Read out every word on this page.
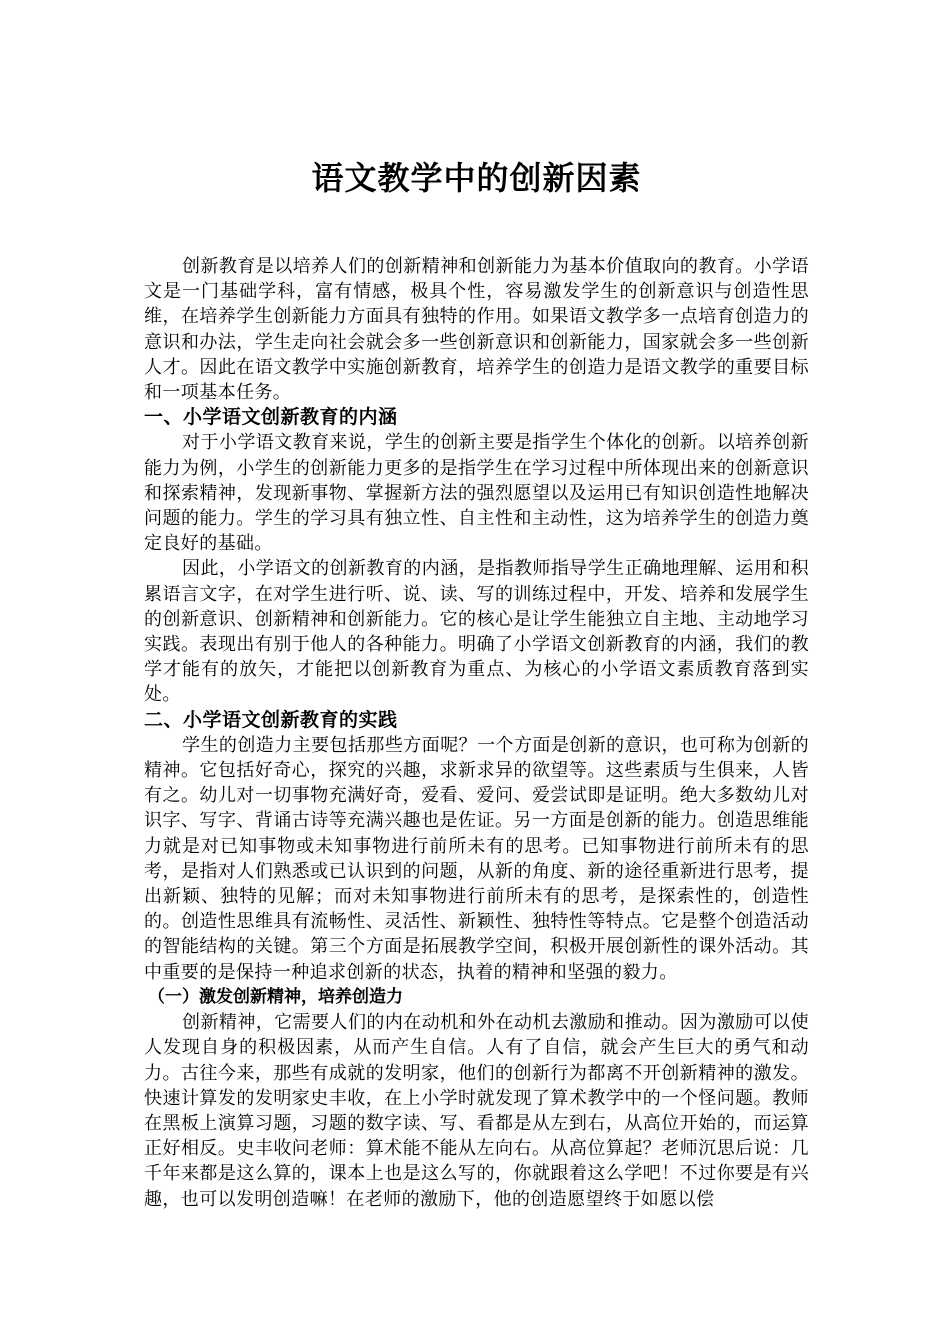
语文教学中的创新因素

创新教育是以培养人们的创新精神和创新能力为基本价值取向的教育。小学语文是一门基础学科，富有情感，极具个性，容易激发学生的创新意识与创造性思维，在培养学生创新能力方面具有独特的作用。如果语文教学多一点培育创造力的意识和办法，学生走向社会就会多一些创新意识和创新能力，国家就会多一些创新人才。因此在语文教学中实施创新教育，培养学生的创造力是语文教学的重要目标和一项基本任务。

一、小学语文创新教育的内涵

对于小学语文教育来说，学生的创新主要是指学生个体化的创新。以培养创新能力为例，小学生的创新能力更多的是指学生在学习过程中所体现出来的创新意识和探索精神，发现新事物、掌握新方法的强烈愿望以及运用已有知识创造性地解决问题的能力。学生的学习具有独立性、自主性和主动性，这为培养学生的创造力奠定良好的基础。

因此，小学语文的创新教育的内涵，是指教师指导学生正确地理解、运用和积累语言文字，在对学生进行听、说、读、写的训练过程中，开发、培养和发展学生的创新意识、创新精神和创新能力。它的核心是让学生能独立自主地、主动地学习实践。表现出有别于他人的各种能力。明确了小学语文创新教育的内涵，我们的教学才能有的放矢，才能把以创新教育为重点、为核心的小学语文素质教育落到实处。

二、小学语文创新教育的实践

学生的创造力主要包括那些方面呢？一个方面是创新的意识，也可称为创新的精神。它包括好奇心，探究的兴趣，求新求异的欲望等。这些素质与生俱来，人皆有之。幼儿对一切事物充满好奇，爱看、爱问、爱尝试即是证明。绝大多数幼儿对识字、写字、背诵古诗等充满兴趣也是佐证。另一方面是创新的能力。创造思维能力就是对已知事物或未知事物进行前所未有的思考。已知事物进行前所未有的思考，是指对人们熟悉或已认识到的问题，从新的角度、新的途径重新进行思考，提出新颖、独特的见解；而对未知事物进行前所未有的思考，是探索性的，创造性的。创造性思维具有流畅性、灵活性、新颖性、独特性等特点。它是整个创造活动的智能结构的关键。第三个方面是拓展教学空间，积极开展创新性的课外活动。其中重要的是保持一种追求创新的状态，执着的精神和坚强的毅力。

（一）激发创新精神，培养创造力

创新精神，它需要人们的内在动机和外在动机去激励和推动。因为激励可以使人发现自身的积极因素，从而产生自信。人有了自信，就会产生巨大的勇气和动力。古往今来，那些有成就的发明家，他们的创新行为都离不开创新精神的激发。快速计算发的发明家史丰收，在上小学时就发现了算术教学中的一个怪问题。教师在黑板上演算习题，习题的数字读、写、看都是从左到右，从高位开始的，而运算正好相反。史丰收问老师：算术能不能从左向右。从高位算起？老师沉思后说：几千年来都是这么算的，课本上也是这么写的，你就跟着这么学吧！不过你要是有兴趣，也可以发明创造嘛！在老师的激励下，他的创造愿望终于如愿以偿
